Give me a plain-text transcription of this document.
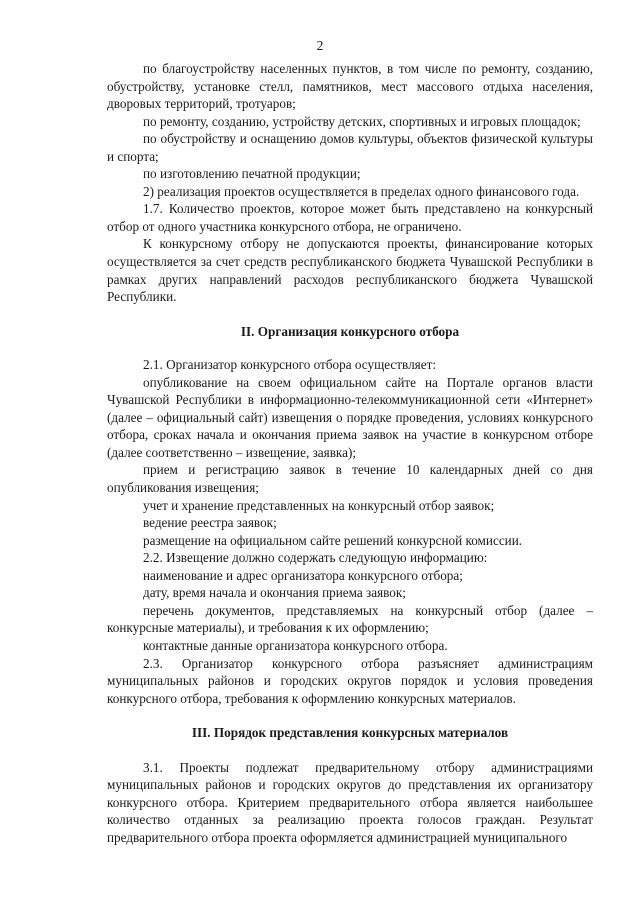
2

по благоустройству населенных пунктов, в том числе по ремонту, созданию, обустройству, установке стелл, памятников, мест массового отдыха населения, дворовых территорий, тротуаров;

по ремонту, созданию, устройству детских, спортивных и игровых площадок;

по обустройству и оснащению домов культуры, объектов физической культуры и спорта;

по изготовлению печатной продукции;

2) реализация проектов осуществляется в пределах одного финансового года.

1.7. Количество проектов, которое может быть представлено на конкурсный отбор от одного участника конкурсного отбора, не ограничено.

К конкурсному отбору не допускаются проекты, финансирование которых осуществляется за счет средств республиканского бюджета Чувашской Республики в рамках других направлений расходов республиканского бюджета Чувашской Республики.

II. Организация конкурсного отбора

2.1. Организатор конкурсного отбора осуществляет:

опубликование на своем официальном сайте на Портале органов власти Чувашской Республики в информационно-телекоммуникационной сети «Интернет» (далее – официальный сайт) извещения о порядке проведения, условиях конкурсного отбора, сроках начала и окончания приема заявок на участие в конкурсном отборе (далее соответственно – извещение, заявка);

прием и регистрацию заявок в течение 10 календарных дней со дня опубликования извещения;

учет и хранение представленных на конкурсный отбор заявок;

ведение реестра заявок;

размещение на официальном сайте решений конкурсной комиссии.

2.2. Извещение должно содержать следующую информацию:

наименование и адрес организатора конкурсного отбора;

дату, время начала и окончания приема заявок;

перечень документов, представляемых на конкурсный отбор (далее – конкурсные материалы), и требования к их оформлению;

контактные данные организатора конкурсного отбора.

2.3. Организатор конкурсного отбора разъясняет администрациям муниципальных районов и городских округов порядок и условия проведения конкурсного отбора, требования к оформлению конкурсных материалов.

III. Порядок представления конкурсных материалов

3.1. Проекты подлежат предварительному отбору администрациями муниципальных районов и городских округов до представления их организатору конкурсного отбора. Критерием предварительного отбора является наибольшее количество отданных за реализацию проекта голосов граждан. Результат предварительного отбора проекта оформляется администрацией муниципального
